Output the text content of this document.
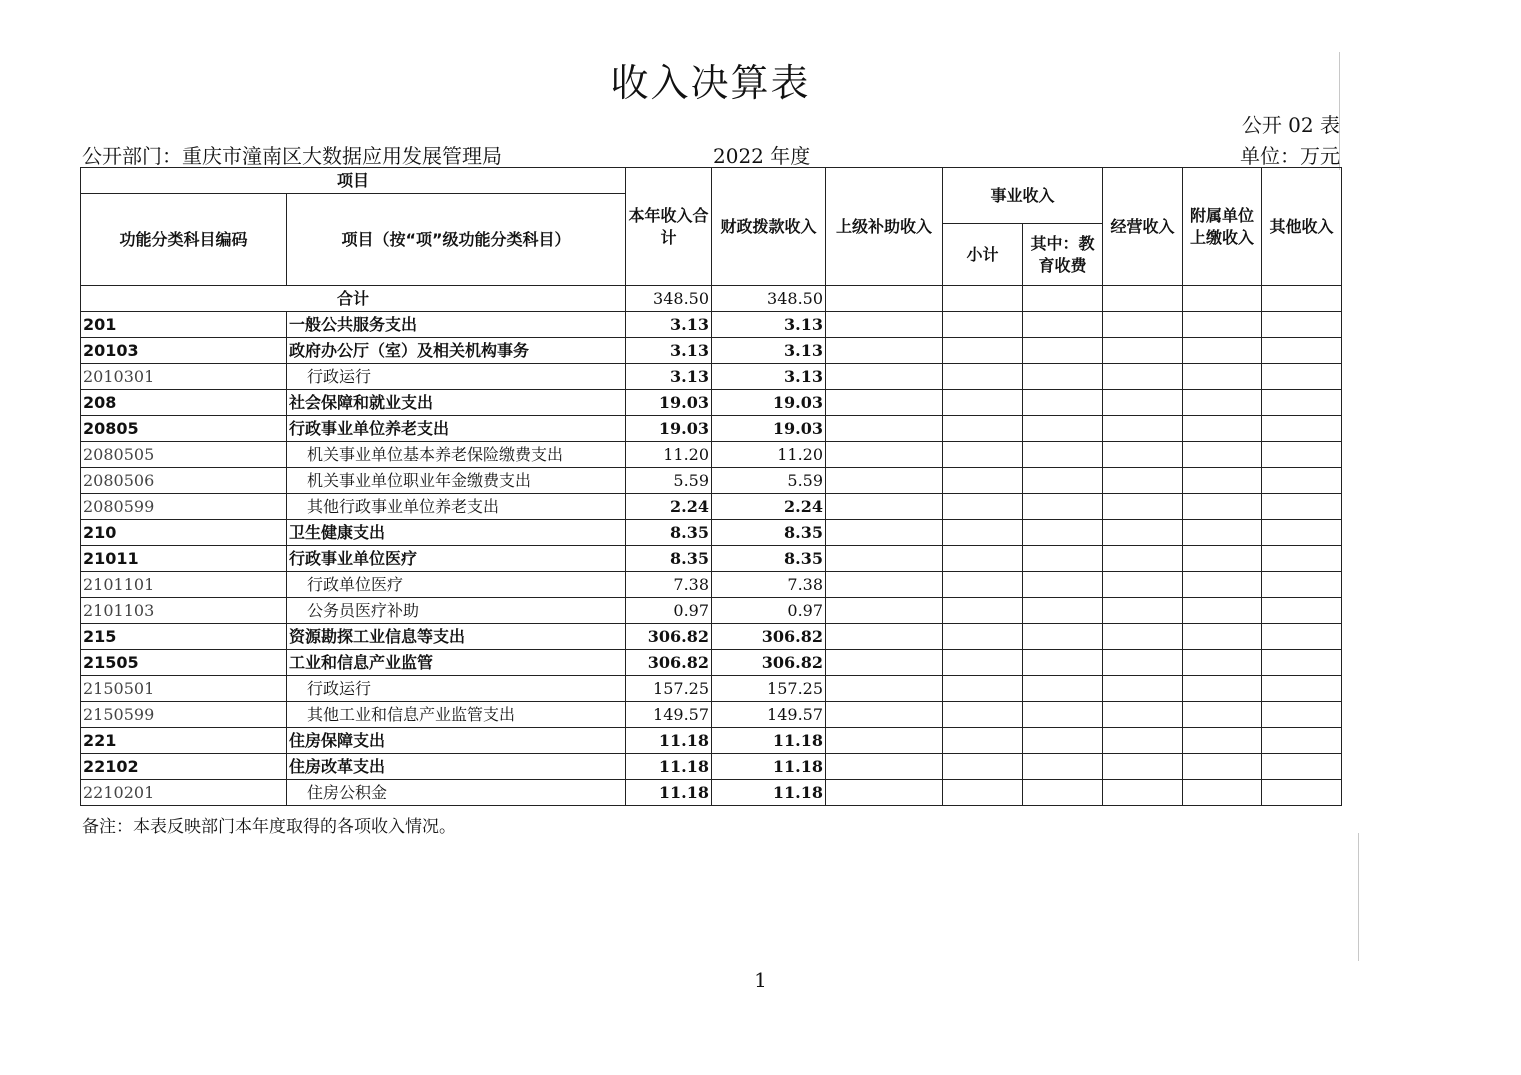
收入决算表
公开 02 表
公开部门：重庆市潼南区大数据应用发展管理局	2022 年度	单位：万元
项目		本年收入合计	财政拨款收入	上级补助收入	事业收入		经营收入	附属单位上缴收入	其他收入
功能分类科目编码	项目（按“项”级功能分类科目）								
					小计	其中：教育收费			
合计		348.50	348.50						
201	一般公共服务支出	3.13	3.13						
20103	政府办公厅（室）及相关机构事务	3.13	3.13						
2010301	行政运行	3.13	3.13						
208	社会保障和就业支出	19.03	19.03						
20805	行政事业单位养老支出	19.03	19.03						
2080505	机关事业单位基本养老保险缴费支出	11.20	11.20						
2080506	机关事业单位职业年金缴费支出	5.59	5.59						
2080599	其他行政事业单位养老支出	2.24	2.24						
210	卫生健康支出	8.35	8.35						
21011	行政事业单位医疗	8.35	8.35						
2101101	行政单位医疗	7.38	7.38						
2101103	公务员医疗补助	0.97	0.97						
215	资源勘探工业信息等支出	306.82	306.82						
21505	工业和信息产业监管	306.82	306.82						
2150501	行政运行	157.25	157.25						
2150599	其他工业和信息产业监管支出	149.57	149.57						
221	住房保障支出	11.18	11.18						
22102	住房改革支出	11.18	11.18						
2210201	住房公积金	11.18	11.18						
备注：本表反映部门本年度取得的各项收入情况。
1
